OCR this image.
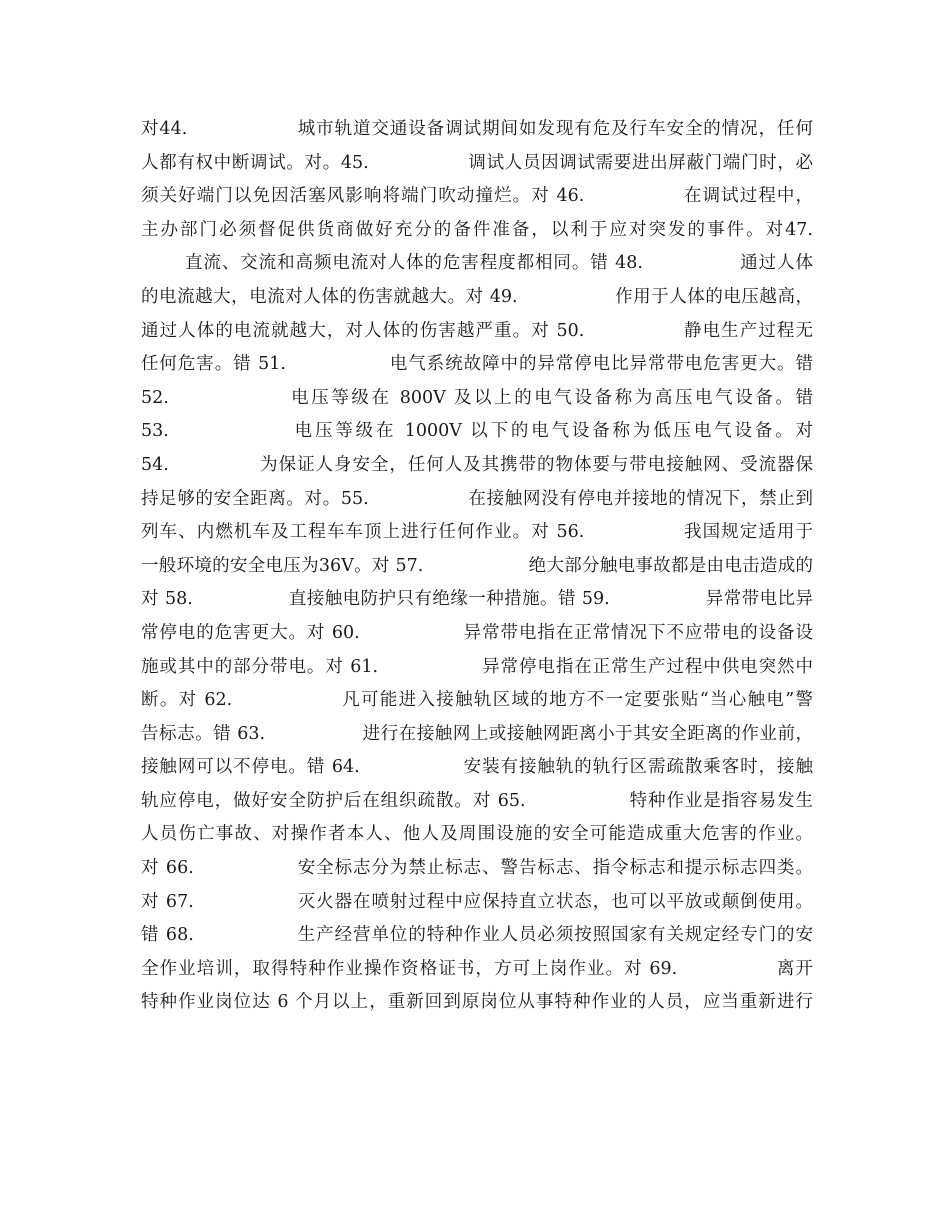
对44.                 城市轨道交通设备调试期间如发现有危及行车安全的情况，任何
人都有权中断调试。对。45.                调试人员因调试需要进出屏蔽门端门时，必
须关好端门以免因活塞风影响将端门吹动撞烂。对 46.               在调试过程中，
主办部门必须督促供货商做好充分的备件准备，以利于应对突发的事件。对47.
直流、交流和高频电流对人体的危害程度都相同。错 48.               通过人体
的电流越大，电流对人体的伤害就越大。对 49.                作用于人体的电压越高，
通过人体的电流就越大，对人体的伤害越严重。对 50.               静电生产过程无
任何危害。错 51.                电气系统故障中的异常停电比异常带电危害更大。错
52.               电压等级在 800V 及以上的电气设备称为高压电气设备。错
53.               电压等级在 1000V 以下的电气设备称为低压电气设备。对
54.              为保证人身安全，任何人及其携带的物体要与带电接触网、受流器保
持足够的安全距离。对。55.                在接触网没有停电并接地的情况下，禁止到
列车、内燃机车及工程车车顶上进行任何作业。对 56.               我国规定适用于
一般环境的安全电压为36V。对 57.                  绝大部分触电事故都是由电击造成的
对 58.                直接触电防护只有绝缘一种措施。错 59.                异常带电比异
常停电的危害更大。对 60.                异常带电指在正常情况下不应带电的设备设
施或其中的部分带电。对 61.                异常停电指在正常生产过程中供电突然中
断。对 62.                凡可能进入接触轨区域的地方不一定要张贴“当心触电”警
告标志。错 63.                进行在接触网上或接触网距离小于其安全距离的作业前，
接触网可以不停电。错 64.                安装有接触轨的轨行区需疏散乘客时，接触
轨应停电，做好安全防护后在组织疏散。对 65.                特种作业是指容易发生
人员伤亡事故、对操作者本人、他人及周围设施的安全可能造成重大危害的作业。
对 66.                安全标志分为禁止标志、警告标志、指令标志和提示标志四类。
对 67.                灭火器在喷射过程中应保持直立状态，也可以平放或颠倒使用。
错 68.                生产经营单位的特种作业人员必须按照国家有关规定经专门的安
全作业培训，取得特种作业操作资格证书，方可上岗作业。对 69.               离开
特种作业岗位达 6 个月以上，重新回到原岗位从事特种作业的人员，应当重新进行
